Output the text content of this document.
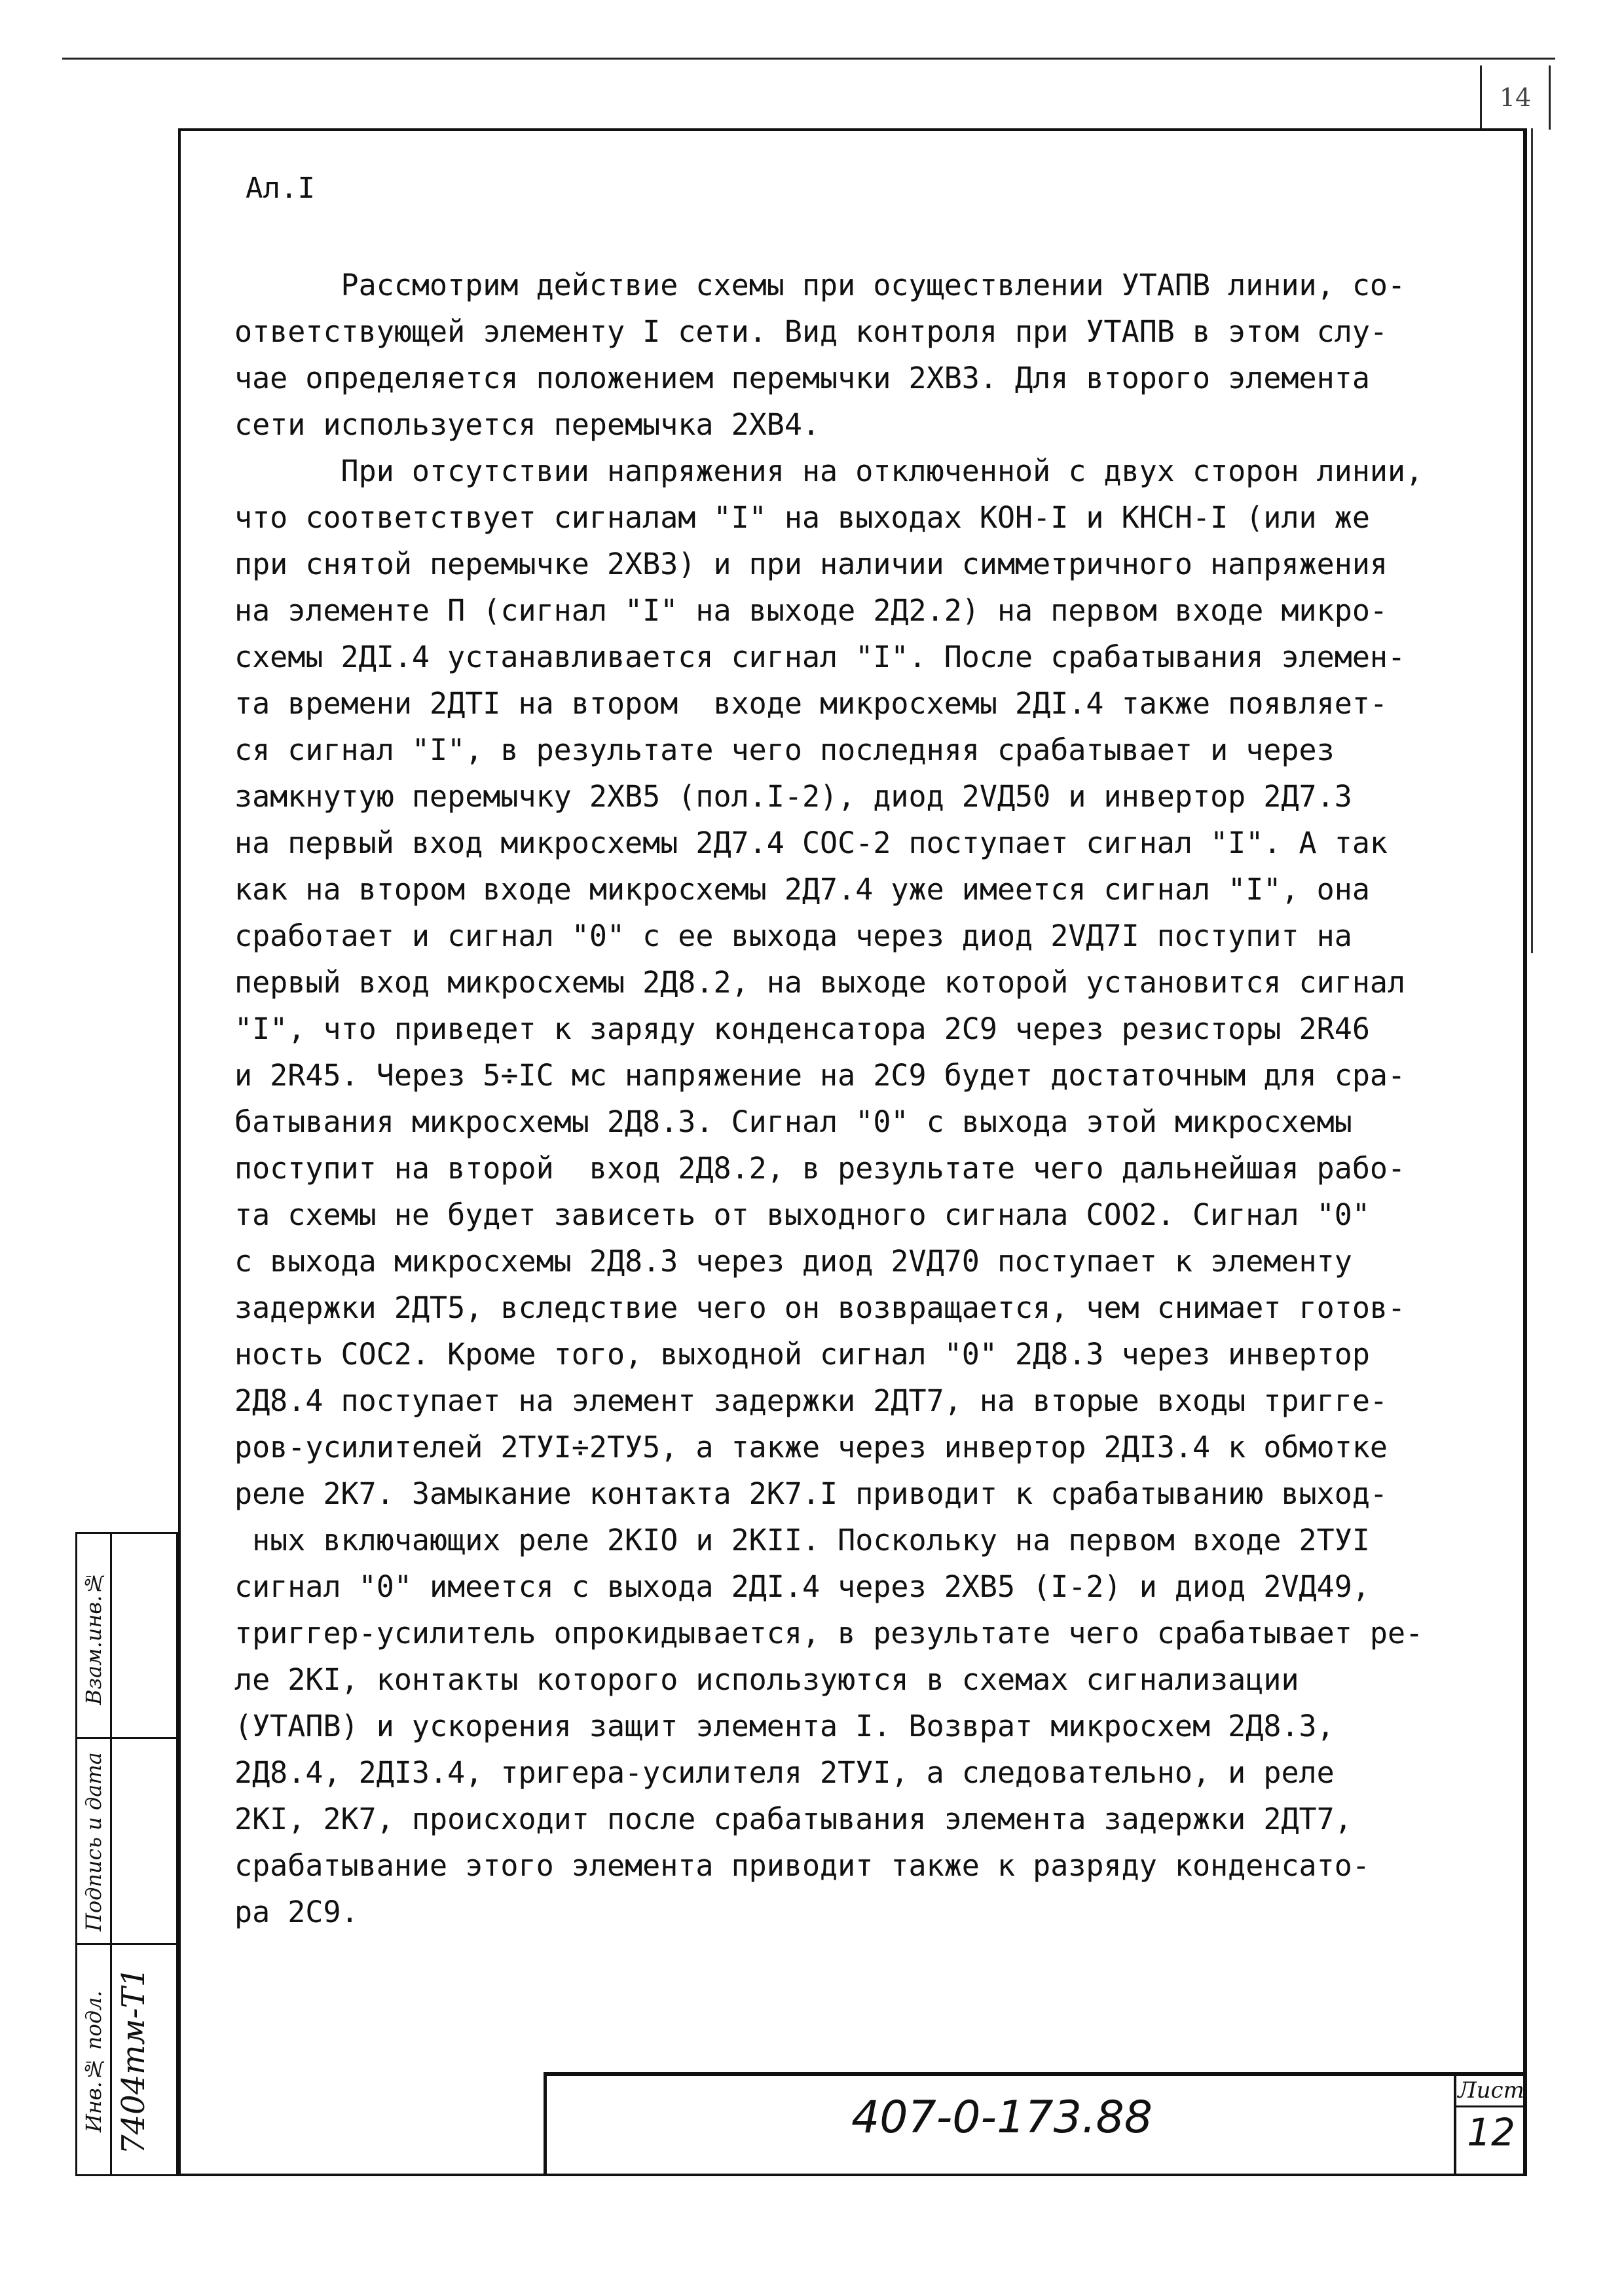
14
Ал.I
Рассмотрим действие схемы при осуществлении УТАПВ линии, со-
ответствующей элементу I сети. Вид контроля при УТАПВ в этом слу-
чае определяется положением перемычки 2ХВ3. Для второго элемента
сети используется перемычка 2ХВ4.
При отсутствии напряжения на отключенной с двух сторон линии,
что соответствует сигналам "I" на выходах КОН-I и КНСН-I (или же
при снятой перемычке 2ХВ3) и при наличии симметричного напряжения
на элементе П (сигнал "I" на выходе 2Д2.2) на первом входе микро-
схемы 2ДI.4 устанавливается сигнал "I". После срабатывания элемен-
та времени 2ДТI на втором  входе микросхемы 2ДI.4 также появляет-
ся сигнал "I", в результате чего последняя срабатывает и через
замкнутую перемычку 2ХВ5 (пол.I-2), диод 2VД50 и инвертор 2Д7.3
на первый вход микросхемы 2Д7.4 СОС-2 поступает сигнал "I". А так
как на втором входе микросхемы 2Д7.4 уже имеется сигнал "I", она
сработает и сигнал "0" с ее выхода через диод 2VД7I поступит на
первый вход микросхемы 2Д8.2, на выходе которой установится сигнал
"I", что приведет к заряду конденсатора 2С9 через резисторы 2R46
и 2R45. Через 5÷IC мс напряжение на 2С9 будет достаточным для сра-
батывания микросхемы 2Д8.3. Сигнал "0" с выхода этой микросхемы
поступит на второй  вход 2Д8.2, в результате чего дальнейшая рабо-
та схемы не будет зависеть от выходного сигнала СОО2. Сигнал "0"
с выхода микросхемы 2Д8.3 через диод 2VД70 поступает к элементу
задержки 2ДТ5, вследствие чего он возвращается, чем снимает готов-
ность СОС2. Кроме того, выходной сигнал "0" 2Д8.3 через инвертор
2Д8.4 поступает на элемент задержки 2ДТ7, на вторые входы тригге-
ров-усилителей 2ТУI÷2ТУ5, а также через инвертор 2ДI3.4 к обмотке
реле 2К7. Замыкание контакта 2К7.I приводит к срабатыванию выход-
ных включающих реле 2КIО и 2КII. Поскольку на первом входе 2ТУI
сигнал "0" имеется с выхода 2ДI.4 через 2ХВ5 (I-2) и диод 2VД49,
триггер-усилитель опрокидывается, в результате чего срабатывает ре-
ле 2КI, контакты которого используются в схемах сигнализации
(УТАПВ) и ускорения защит элемента I. Возврат микросхем 2Д8.3,
2Д8.4, 2ДI3.4, тригера-усилителя 2ТУI, а следовательно, и реле
2КI, 2К7, происходит после срабатывания элемента задержки 2ДТ7,
срабатывание этого элемента приводит также к разряду конденсато-
ра 2С9.
Взам.инв.№
Подпись и дата
Инв.№ подл. 7404тм-Т1	407-0-173.88
Лист
12
